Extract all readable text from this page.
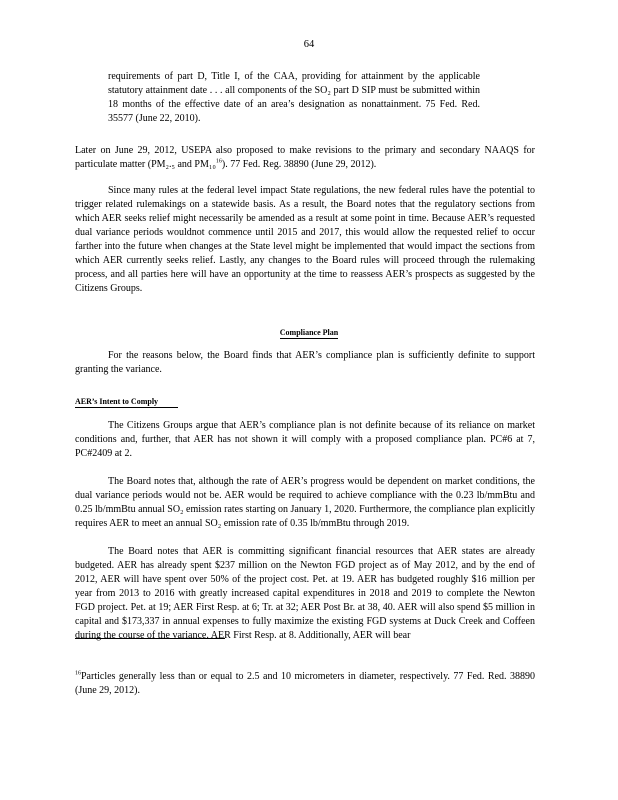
64

requirements of part D, Title I, of the CAA, providing for attainment by the applicable statutory attainment date . . . all components of the SO₂ part D SIP must be submitted within 18 months of the effective date of an area’s designation as nonattainment. 75 Fed. Red. 35577 (June 22, 2010).

Later on June 29, 2012, USEPA also proposed to make revisions to the primary and secondary NAAQS for particulate matter (PM₂.₅ and PM₁₀$^{16}$). 77 Fed. Reg. 38890 (June 29, 2012).

Since many rules at the federal level impact State regulations, the new federal rules have the potential to trigger related rulemakings on a statewide basis. As a result, the Board notes that the regulatory sections from which AER seeks relief might necessarily be amended as a result at some point in time. Because AER’s requested dual variance periods wouldnot commence until 2015 and 2017, this would allow the requested relief to occur farther into the future when changes at the State level might be implemented that would impact the sections from which AER currently seeks relief. Lastly, any changes to the Board rules will proceed through the rulemaking process, and all parties here will have an opportunity at the time to reassess AER’s prospects as suggested by the Citizens Groups.

Compliance Plan

For the reasons below, the Board finds that AER’s compliance plan is sufficiently definite to support granting the variance.

AER’s Intent to Comply

The Citizens Groups argue that AER’s compliance plan is not definite because of its reliance on market conditions and, further, that AER has not shown it will comply with a proposed compliance plan. PC#6 at 7, PC#2409 at 2.

The Board notes that, although the rate of AER’s progress would be dependent on market conditions, the dual variance periods would not be. AER would be required to achieve compliance with the 0.23 lb/mmBtu and 0.25 lb/mmBtu annual SO₂ emission rates starting on January 1, 2020. Furthermore, the compliance plan explicitly requires AER to meet an annual SO₂ emission rate of 0.35 lb/mmBtu through 2019.

The Board notes that AER is committing significant financial resources that AER states are already budgeted. AER has already spent $237 million on the Newton FGD project as of May 2012, and by the end of 2012, AER will have spent over 50% of the project cost. Pet. at 19. AER has budgeted roughly $16 million per year from 2013 to 2016 with greatly increased capital expenditures in 2018 and 2019 to complete the Newton FGD project. Pet. at 19; AER First Resp. at 6; Tr. at 32; AER Post Br. at 38, 40. AER will also spend $5 million in capital and $173,337 in annual expenses to fully maximize the existing FGD systems at Duck Creek and Coffeen during the course of the variance. AER First Resp. at 8. Additionally, AER will bear

$^{16}$Particles generally less than or equal to 2.5 and 10 micrometers in diameter, respectively. 77 Fed. Red. 38890 (June 29, 2012).
